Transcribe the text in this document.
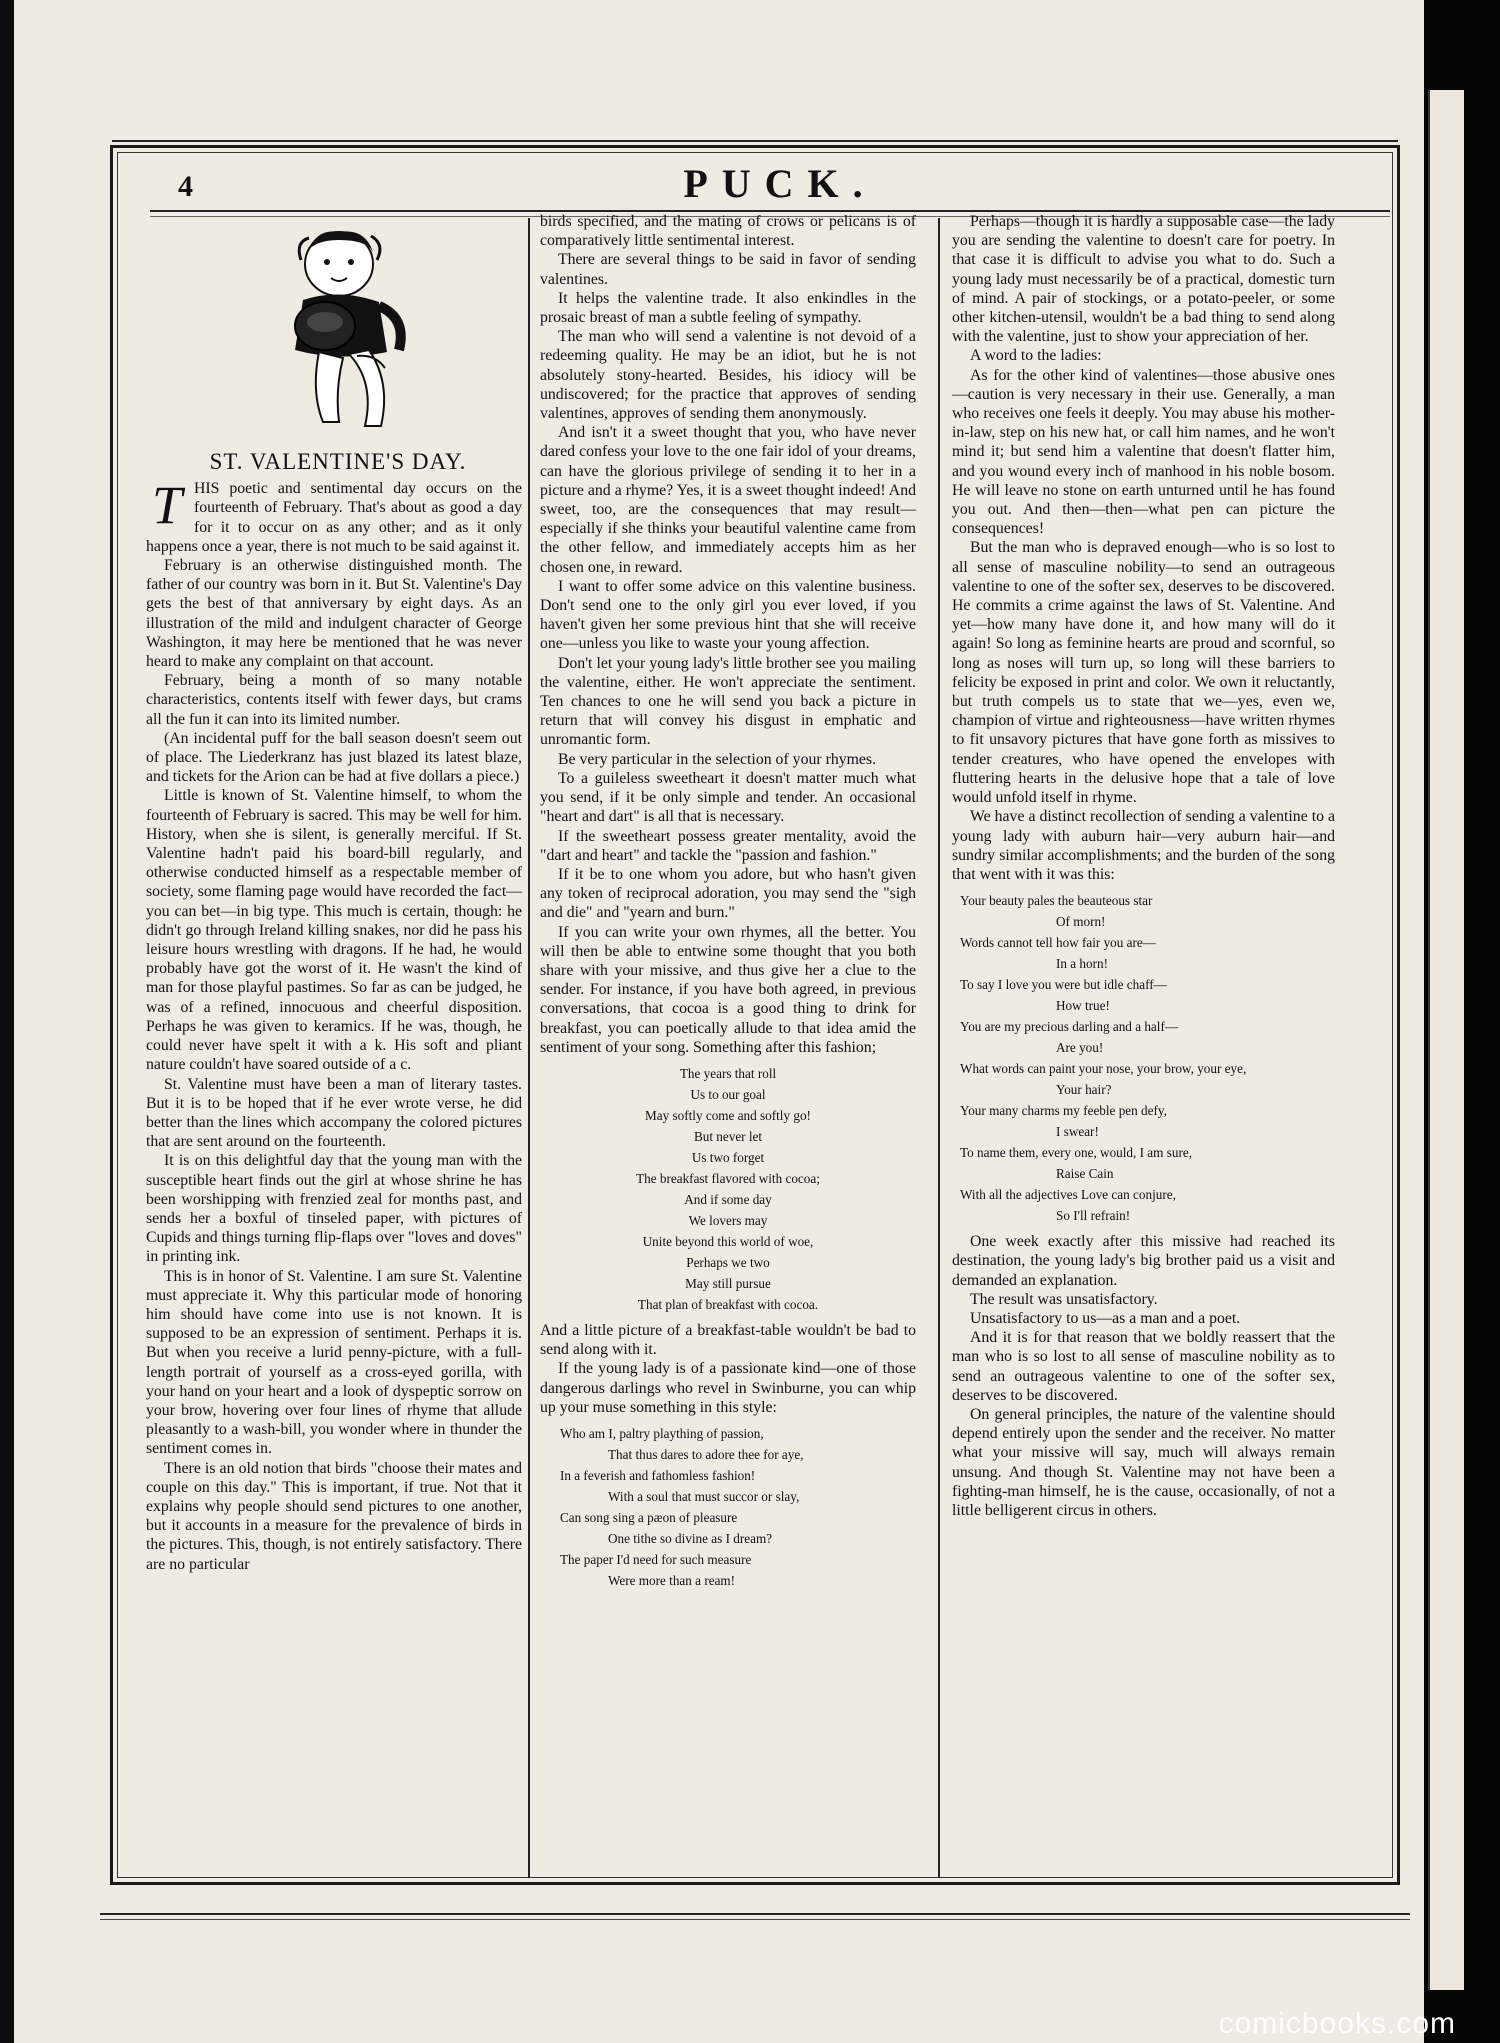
4	PUCK.
ST. VALENTINE'S DAY.
T HIS poetic and sentimental day occurs on the fourteenth of February. That's about as good a day for it to occur on as any other; and as it only happens once a year, there is not much to be said against it.

February is an otherwise distinguished month. The father of our country was born in it. But St. Valentine's Day gets the best of that anniversary by eight days. As an illustration of the mild and indulgent character of George Washington, it may here be mentioned that he was never heard to make any complaint on that account.

February, being a month of so many notable characteristics, contents itself with fewer days, but crams all the fun it can into its limited number.

(An incidental puff for the ball season doesn't seem out of place. The Liederkranz has just blazed its latest blaze, and tickets for the Arion can be had at five dollars a piece.)

Little is known of St. Valentine himself, to whom the fourteenth of February is sacred. This may be well for him. History, when she is silent, is generally merciful. If St. Valentine hadn't paid his board-bill regularly, and otherwise conducted himself as a respectable member of society, some flaming page would have recorded the fact—you can bet—in big type. This much is certain, though: he didn't go through Ireland killing snakes, nor did he pass his leisure hours wrestling with dragons. If he had, he would probably have got the worst of it. He wasn't the kind of man for those playful pastimes. So far as can be judged, he was of a refined, innocuous and cheerful disposition. Perhaps he was given to keramics. If he was, though, he could never have spelt it with a k. His soft and pliant nature couldn't have soared outside of a c.

St. Valentine must have been a man of literary tastes. But it is to be hoped that if he ever wrote verse, he did better than the lines which accompany the colored pictures that are sent around on the fourteenth.

It is on this delightful day that the young man with the susceptible heart finds out the girl at whose shrine he has been worshipping with frenzied zeal for months past, and sends her a boxful of tinseled paper, with pictures of Cupids and things turning flip-flaps over "loves and doves" in printing ink.

This is in honor of St. Valentine. I am sure St. Valentine must appreciate it. Why this particular mode of honoring him should have come into use is not known. It is supposed to be an expression of sentiment. Perhaps it is. But when you receive a lurid penny-picture, with a full-length portrait of yourself as a cross-eyed gorilla, with your hand on your heart and a look of dyspeptic sorrow on your brow, hovering over four lines of rhyme that allude pleasantly to a wash-bill, you wonder where in thunder the sentiment comes in.

There is an old notion that birds "choose their mates and couple on this day." This is important, if true. Not that it explains why people should send pictures to one another, but it accounts in a measure for the prevalence of birds in the pictures. This, though, is not entirely satisfactory. There are no particular

birds specified, and the mating of crows or pelicans is of comparatively little sentimental interest.

There are several things to be said in favor of sending valentines.

It helps the valentine trade. It also enkindles in the prosaic breast of man a subtle feeling of sympathy.

The man who will send a valentine is not devoid of a redeeming quality. He may be an idiot, but he is not absolutely stony-hearted. Besides, his idiocy will be undiscovered; for the practice that approves of sending valentines, approves of sending them anonymously.

And isn't it a sweet thought that you, who have never dared confess your love to the one fair idol of your dreams, can have the glorious privilege of sending it to her in a picture and a rhyme? Yes, it is a sweet thought indeed! And sweet, too, are the consequences that may result—especially if she thinks your beautiful valentine came from the other fellow, and immediately accepts him as her chosen one, in reward.

I want to offer some advice on this valentine business. Don't send one to the only girl you ever loved, if you haven't given her some previous hint that she will receive one—unless you like to waste your young affection.

Don't let your young lady's little brother see you mailing the valentine, either. He won't appreciate the sentiment. Ten chances to one he will send you back a picture in return that will convey his disgust in emphatic and unromantic form.

Be very particular in the selection of your rhymes.

To a guileless sweetheart it doesn't matter much what you send, if it be only simple and tender. An occasional "heart and dart" is all that is necessary.

If the sweetheart possess greater mentality, avoid the "dart and heart" and tackle the "passion and fashion."

If it be to one whom you adore, but who hasn't given any token of reciprocal adoration, you may send the "sigh and die" and "yearn and burn."

If you can write your own rhymes, all the better. You will then be able to entwine some thought that you both share with your missive, and thus give her a clue to the sender. For instance, if you have both agreed, in previous conversations, that cocoa is a good thing to drink for breakfast, you can poetically allude to that idea amid the sentiment of your song. Something after this fashion;

The years that roll
Us to our goal
May softly come and softly go!
But never let
Us two forget
The breakfast flavored with cocoa;
And if some day
We lovers may
Unite beyond this world of woe,
Perhaps we two
May still pursue
That plan of breakfast with cocoa.

And a little picture of a breakfast-table wouldn't be bad to send along with it.

If the young lady is of a passionate kind—one of those dangerous darlings who revel in Swinburne, you can whip up your muse something in this style:

Who am I, paltry plaything of passion,
That thus dares to adore thee for aye,
In a feverish and fathomless fashion!
With a soul that must succor or slay,
Can song sing a pæon of pleasure
One tithe so divine as I dream?
The paper I'd need for such measure
Were more than a ream!

Perhaps—though it is hardly a supposable case—the lady you are sending the valentine to doesn't care for poetry. In that case it is difficult to advise you what to do. Such a young lady must necessarily be of a practical, domestic turn of mind. A pair of stockings, or a potato-peeler, or some other kitchen-utensil, wouldn't be a bad thing to send along with the valentine, just to show your appreciation of her.

A word to the ladies:

As for the other kind of valentines—those abusive ones—caution is very necessary in their use. Generally, a man who receives one feels it deeply. You may abuse his mother-in-law, step on his new hat, or call him names, and he won't mind it; but send him a valentine that doesn't flatter him, and you wound every inch of manhood in his noble bosom. He will leave no stone on earth unturned until he has found you out. And then—then—what pen can picture the consequences!

But the man who is depraved enough—who is so lost to all sense of masculine nobility—to send an outrageous valentine to one of the softer sex, deserves to be discovered. He commits a crime against the laws of St. Valentine. And yet—how many have done it, and how many will do it again! So long as feminine hearts are proud and scornful, so long as noses will turn up, so long will these barriers to felicity be exposed in print and color. We own it reluctantly, but truth compels us to state that we—yes, even we, champion of virtue and righteousness—have written rhymes to fit unsavory pictures that have gone forth as missives to tender creatures, who have opened the envelopes with fluttering hearts in the delusive hope that a tale of love would unfold itself in rhyme.

We have a distinct recollection of sending a valentine to a young lady with auburn hair—very auburn hair—and sundry similar accomplishments; and the burden of the song that went with it was this:

Your beauty pales the beauteous star
Of morn!
Words cannot tell how fair you are—
In a horn!
To say I love you were but idle chaff—
How true!
You are my precious darling and a half—
Are you!
What words can paint your nose, your brow, your eye,
Your hair?
Your many charms my feeble pen defy,
I swear!
To name them, every one, would, I am sure,
Raise Cain
With all the adjectives Love can conjure,
So I'll refrain!

One week exactly after this missive had reached its destination, the young lady's big brother paid us a visit and demanded an explanation.

The result was unsatisfactory.

Unsatisfactory to us—as a man and a poet.

And it is for that reason that we boldly reassert that the man who is so lost to all sense of masculine nobility as to send an outrageous valentine to one of the softer sex, deserves to be discovered.

On general principles, the nature of the valentine should depend entirely upon the sender and the receiver. No matter what your missive will say, much will always remain unsung. And though St. Valentine may not have been a fighting-man himself, he is the cause, occasionally, of not a little belligerent circus in others.

comicbooks.com
